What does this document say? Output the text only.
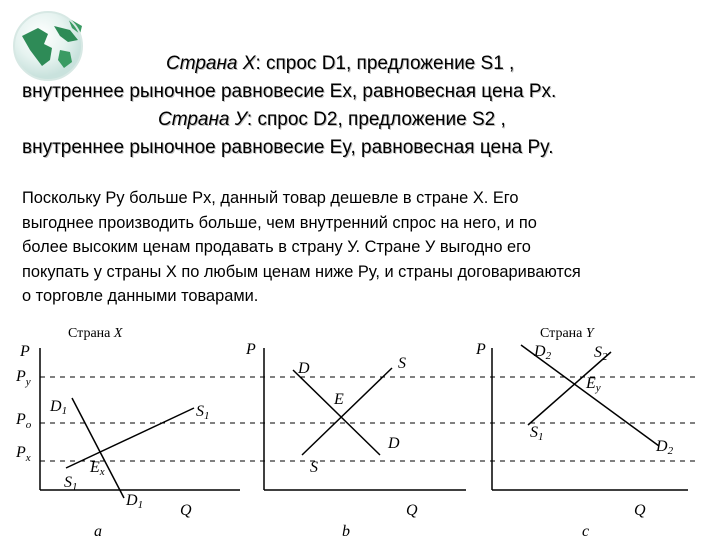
Страна Х: спрос D1, предложение S1 ,
внутреннее рыночное равновесие Ex, равновесная цена Px.
Страна У: спрос D2, предложение S2 ,
внутреннее рыночное равновесие Ey, равновесная цена Py.
Поскольку Ру больше Рх, данный товар дешевле в стране Х. Его
выгоднее производить больше, чем внутренний спрос на него, и по
более высоким ценам продавать в страну У. Стране У выгодно его
покупать у страны Х по любым ценам ниже Ру, и страны договариваются
о торговле данными товарами.
Страна X
P
Q
$P_y$
$P_o$
$P_x$
D1	S1
Ex
S1
D1
a
P
Q
D	S
E
D
S
b
Страна Y
P
Q
D2	S2
Ey
S1
D2
c
